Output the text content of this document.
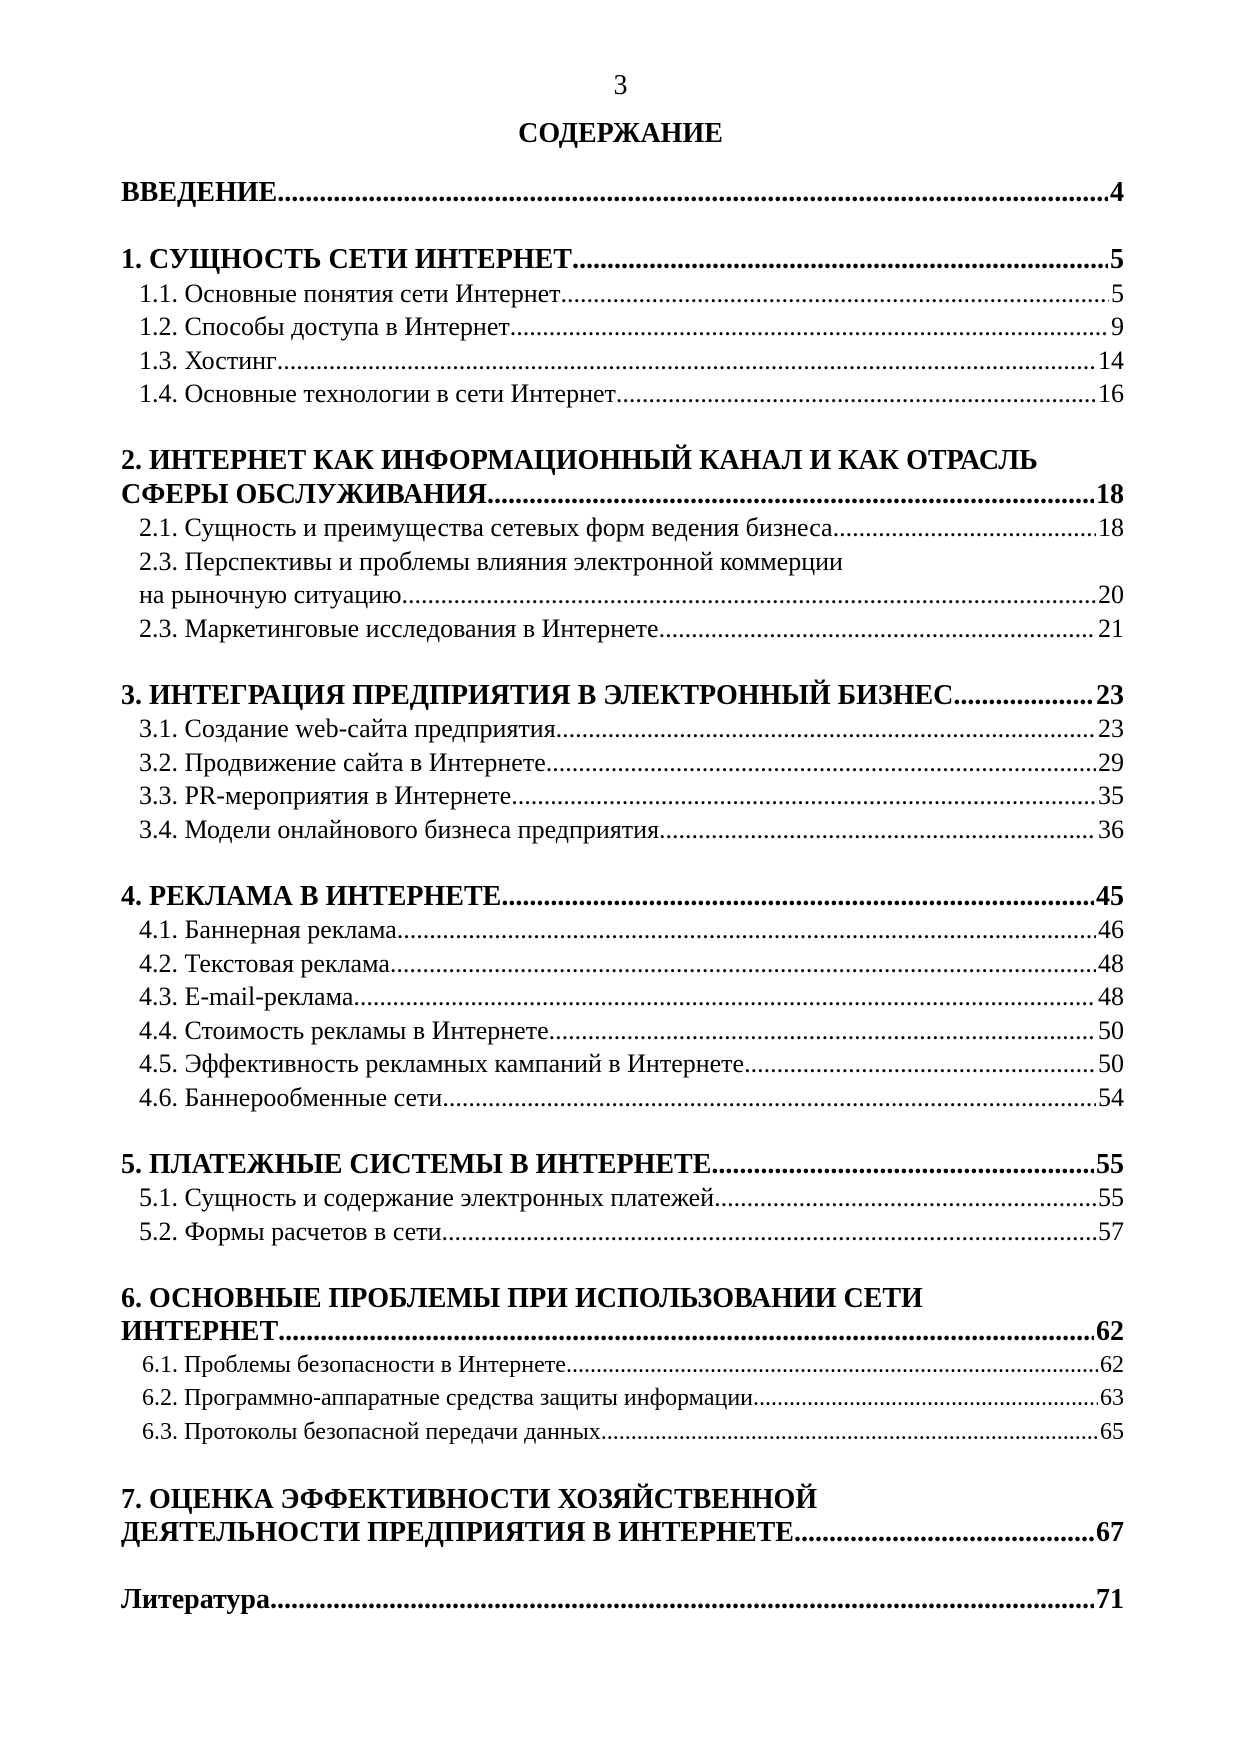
3
СОДЕРЖАНИЕ
ВВЕДЕНИЕ .....	4
1. СУЩНОСТЬ СЕТИ ИНТЕРНЕТ .....	5
1.1. Основные понятия сети Интернет .....	5
1.2. Способы доступа в Интернет .....	9
1.3. Хостинг .....	14
1.4. Основные технологии в сети Интернет .....	16
2. ИНТЕРНЕТ КАК ИНФОРМАЦИОННЫЙ КАНАЛ И КАК ОТРАСЛЬ
СФЕРЫ ОБСЛУЖИВАНИЯ .....	18
2.1. Сущность и преимущества сетевых форм ведения бизнеса .....	18
2.3. Перспективы и проблемы влияния электронной коммерции
на рыночную ситуацию .....	20
2.3. Маркетинговые исследования в Интернете .....	21
3. ИНТЕГРАЦИЯ ПРЕДПРИЯТИЯ В ЭЛЕКТРОННЫЙ БИЗНЕС .....	23
3.1. Создание web-сайта предприятия .....	23
3.2. Продвижение сайта в Интернете .....	29
3.3. PR-мероприятия в Интернете .....	35
3.4. Модели онлайнового бизнеса предприятия .....	36
4. РЕКЛАМА В ИНТЕРНЕТЕ .....	45
4.1. Баннерная реклама .....	46
4.2. Текстовая реклама .....	48
4.3. E-mail-реклама .....	48
4.4. Стоимость рекламы в Интернете .....	50
4.5. Эффективность рекламных кампаний в Интернете .....	50
4.6. Баннерообменные сети .....	54
5. ПЛАТЕЖНЫЕ СИСТЕМЫ В ИНТЕРНЕТЕ .....	55
5.1. Сущность и содержание электронных платежей .....	55
5.2. Формы расчетов в сети .....	57
6. ОСНОВНЫЕ ПРОБЛЕМЫ ПРИ ИСПОЛЬЗОВАНИИ СЕТИ
ИНТЕРНЕТ .....	62
6.1. Проблемы безопасности в Интернете .....	62
6.2. Программно-аппаратные средства защиты информации .....	63
6.3. Протоколы безопасной передачи данных .....	65
7. ОЦЕНКА ЭФФЕКТИВНОСТИ ХОЗЯЙСТВЕННОЙ
ДЕЯТЕЛЬНОСТИ ПРЕДПРИЯТИЯ В ИНТЕРНЕТЕ .....	67
Литература .....	71
